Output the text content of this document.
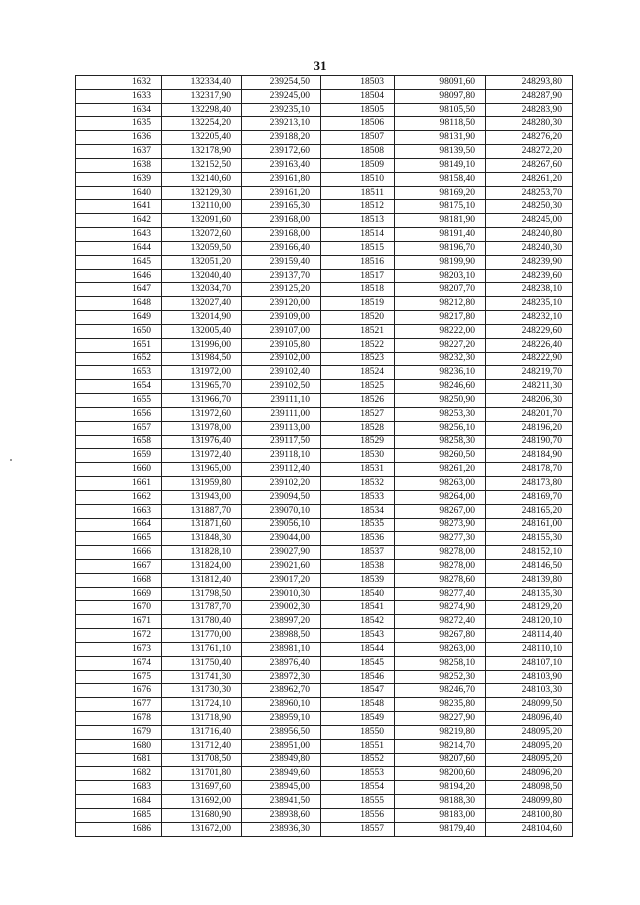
31
1632	132334,40	239254,50	18503	98091,60	248293,80
1633	132317,90	239245,00	18504	98097,80	248287,90
1634	132298,40	239235,10	18505	98105,50	248283,90
1635	132254,20	239213,10	18506	98118,50	248280,30
1636	132205,40	239188,20	18507	98131,90	248276,20
1637	132178,90	239172,60	18508	98139,50	248272,20
1638	132152,50	239163,40	18509	98149,10	248267,60
1639	132140,60	239161,80	18510	98158,40	248261,20
1640	132129,30	239161,20	18511	98169,20	248253,70
1641	132110,00	239165,30	18512	98175,10	248250,30
1642	132091,60	239168,00	18513	98181,90	248245,00
1643	132072,60	239168,00	18514	98191,40	248240,80
1644	132059,50	239166,40	18515	98196,70	248240,30
1645	132051,20	239159,40	18516	98199,90	248239,90
1646	132040,40	239137,70	18517	98203,10	248239,60
1647	132034,70	239125,20	18518	98207,70	248238,10
1648	132027,40	239120,00	18519	98212,80	248235,10
1649	132014,90	239109,00	18520	98217,80	248232,10
1650	132005,40	239107,00	18521	98222,00	248229,60
1651	131996,00	239105,80	18522	98227,20	248226,40
1652	131984,50	239102,00	18523	98232,30	248222,90
1653	131972,00	239102,40	18524	98236,10	248219,70
1654	131965,70	239102,50	18525	98246,60	248211,30
1655	131966,70	239111,10	18526	98250,90	248206,30
1656	131972,60	239111,00	18527	98253,30	248201,70
1657	131978,00	239113,00	18528	98256,10	248196,20
1658	131976,40	239117,50	18529	98258,30	248190,70
1659	131972,40	239118,10	18530	98260,50	248184,90
1660	131965,00	239112,40	18531	98261,20	248178,70
1661	131959,80	239102,20	18532	98263,00	248173,80
1662	131943,00	239094,50	18533	98264,00	248169,70
1663	131887,70	239070,10	18534	98267,00	248165,20
1664	131871,60	239056,10	18535	98273,90	248161,00
1665	131848,30	239044,00	18536	98277,30	248155,30
1666	131828,10	239027,90	18537	98278,00	248152,10
1667	131824,00	239021,60	18538	98278,00	248146,50
1668	131812,40	239017,20	18539	98278,60	248139,80
1669	131798,50	239010,30	18540	98277,40	248135,30
1670	131787,70	239002,30	18541	98274,90	248129,20
1671	131780,40	238997,20	18542	98272,40	248120,10
1672	131770,00	238988,50	18543	98267,80	248114,40
1673	131761,10	238981,10	18544	98263,00	248110,10
1674	131750,40	238976,40	18545	98258,10	248107,10
1675	131741,30	238972,30	18546	98252,30	248103,90
1676	131730,30	238962,70	18547	98246,70	248103,30
1677	131724,10	238960,10	18548	98235,80	248099,50
1678	131718,90	238959,10	18549	98227,90	248096,40
1679	131716,40	238956,50	18550	98219,80	248095,20
1680	131712,40	238951,00	18551	98214,70	248095,20
1681	131708,50	238949,80	18552	98207,60	248095,20
1682	131701,80	238949,60	18553	98200,60	248096,20
1683	131697,60	238945,00	18554	98194,20	248098,50
1684	131692,00	238941,50	18555	98188,30	248099,80
1685	131680,90	238938,60	18556	98183,00	248100,80
1686	131672,00	238936,30	18557	98179,40	248104,60
